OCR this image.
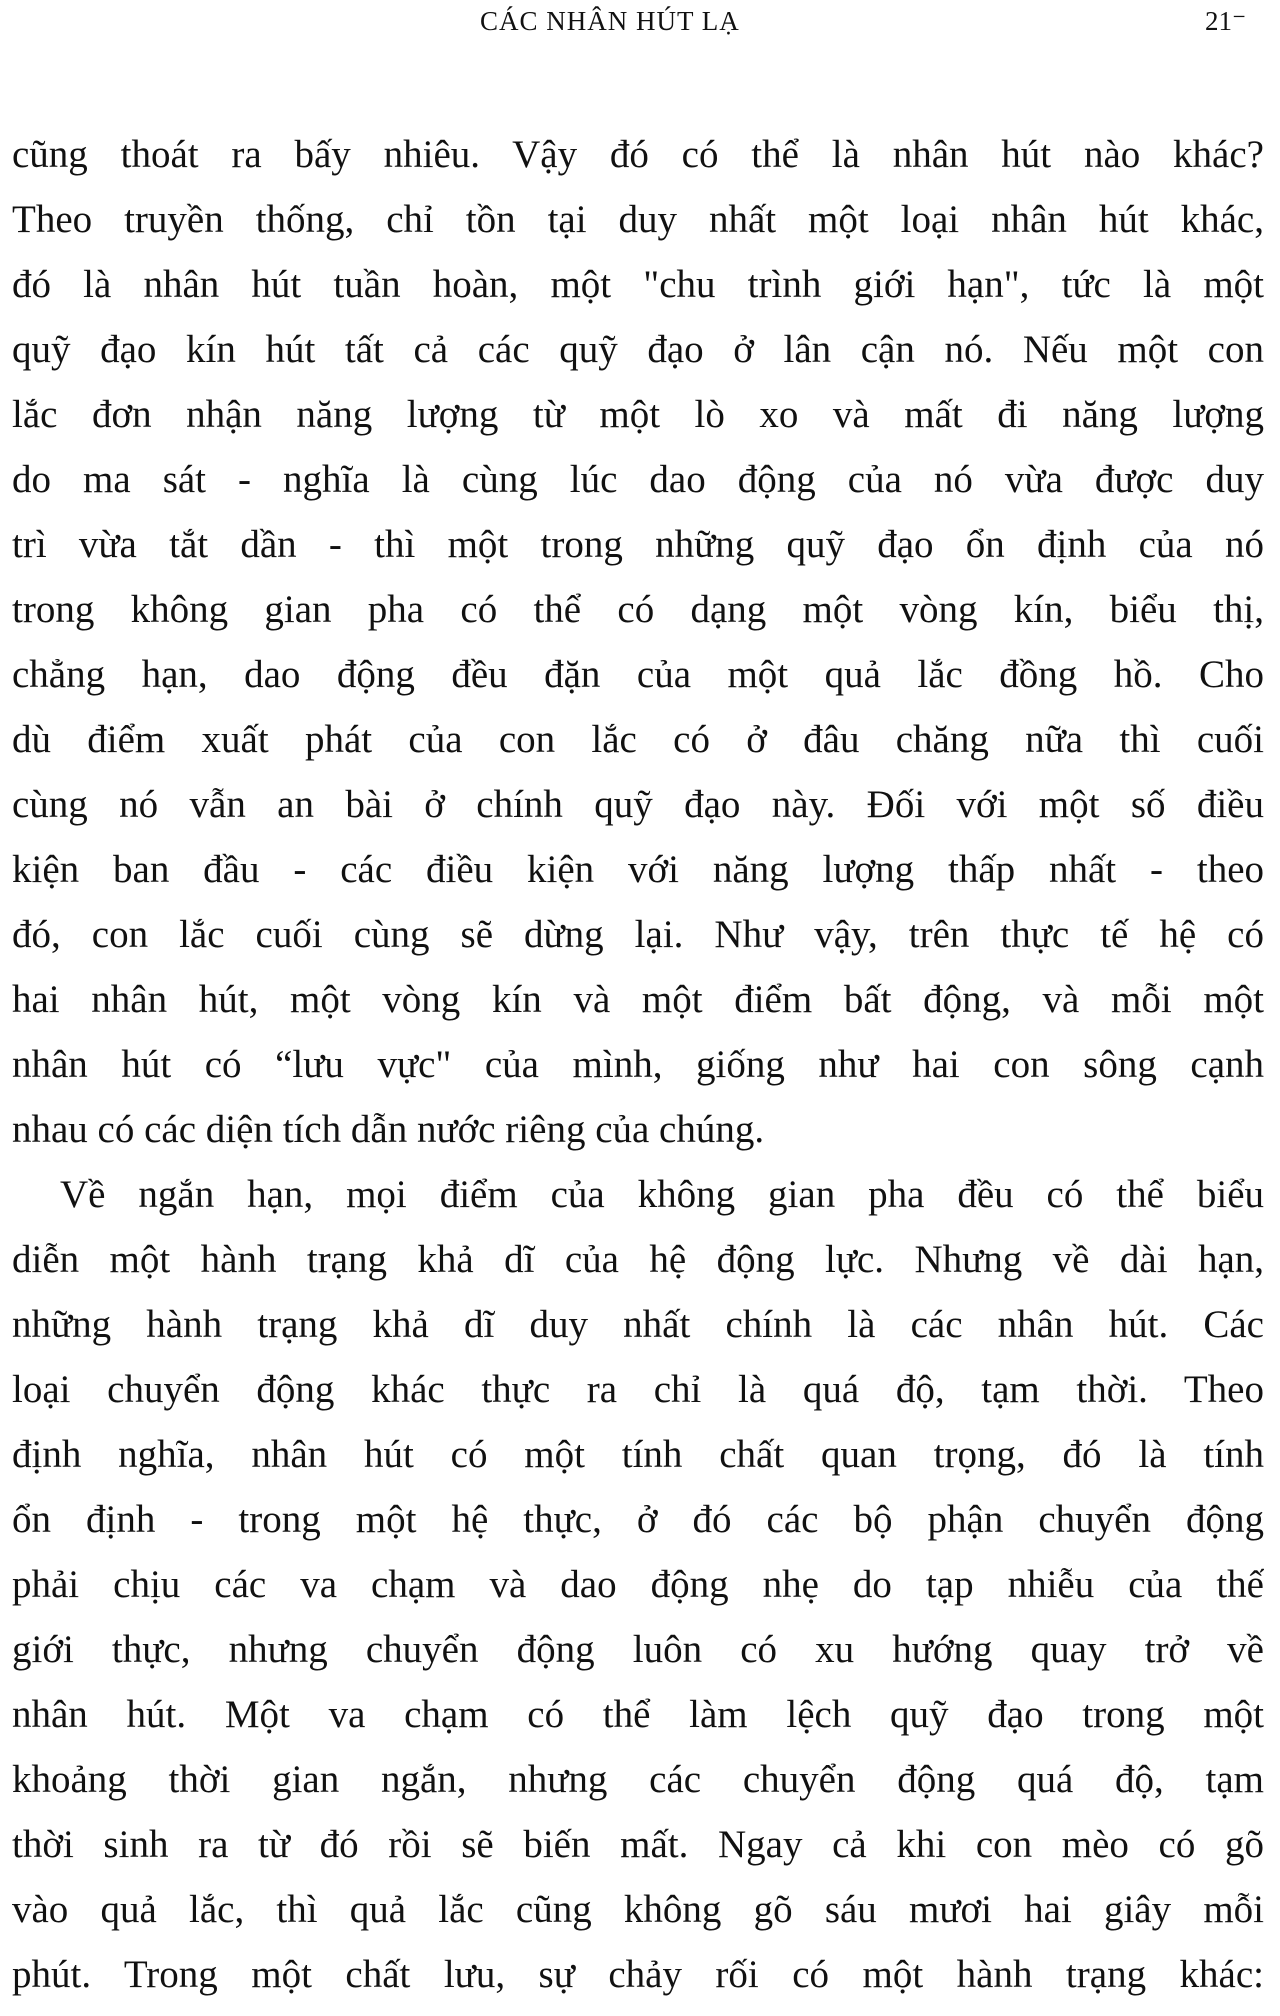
CÁC NHÂN HÚT LẠ	21⁻
cũng thoát ra bấy nhiêu. Vậy đó có thể là nhân hút nào khác?
Theo truyền thống, chỉ tồn tại duy nhất một loại nhân hút khác,
đó là nhân hút tuần hoàn, một "chu trình giới hạn", tức là một
quỹ đạo kín hút tất cả các quỹ đạo ở lân cận nó. Nếu một con
lắc đơn nhận năng lượng từ một lò xo và mất đi năng lượng
do ma sát - nghĩa là cùng lúc dao động của nó vừa được duy
trì vừa tắt dần - thì một trong những quỹ đạo ổn định của nó
trong không gian pha có thể có dạng một vòng kín, biểu thị,
chẳng hạn, dao động đều đặn của một quả lắc đồng hồ. Cho
dù điểm xuất phát của con lắc có ở đâu chăng nữa thì cuối
cùng nó vẫn an bài ở chính quỹ đạo này. Đối với một số điều
kiện ban đầu - các điều kiện với năng lượng thấp nhất - theo
đó, con lắc cuối cùng sẽ dừng lại. Như vậy, trên thực tế hệ có
hai nhân hút, một vòng kín và một điểm bất động, và mỗi một
nhân hút có “lưu vực" của mình, giống như hai con sông cạnh
nhau có các diện tích dẫn nước riêng của chúng.
Về ngắn hạn, mọi điểm của không gian pha đều có thể biểu
diễn một hành trạng khả dĩ của hệ động lực. Nhưng về dài hạn,
những hành trạng khả dĩ duy nhất chính là các nhân hút. Các
loại chuyển động khác thực ra chỉ là quá độ, tạm thời. Theo
định nghĩa, nhân hút có một tính chất quan trọng, đó là tính
ổn định - trong một hệ thực, ở đó các bộ phận chuyển động
phải chịu các va chạm và dao động nhẹ do tạp nhiễu của thế
giới thực, nhưng chuyển động luôn có xu hướng quay trở về
nhân hút. Một va chạm có thể làm lệch quỹ đạo trong một
khoảng thời gian ngắn, nhưng các chuyển động quá độ, tạm
thời sinh ra từ đó rồi sẽ biến mất. Ngay cả khi con mèo có gõ
vào quả lắc, thì quả lắc cũng không gõ sáu mươi hai giây mỗi
phút. Trong một chất lưu, sự chảy rối có một hành trạng khác:
